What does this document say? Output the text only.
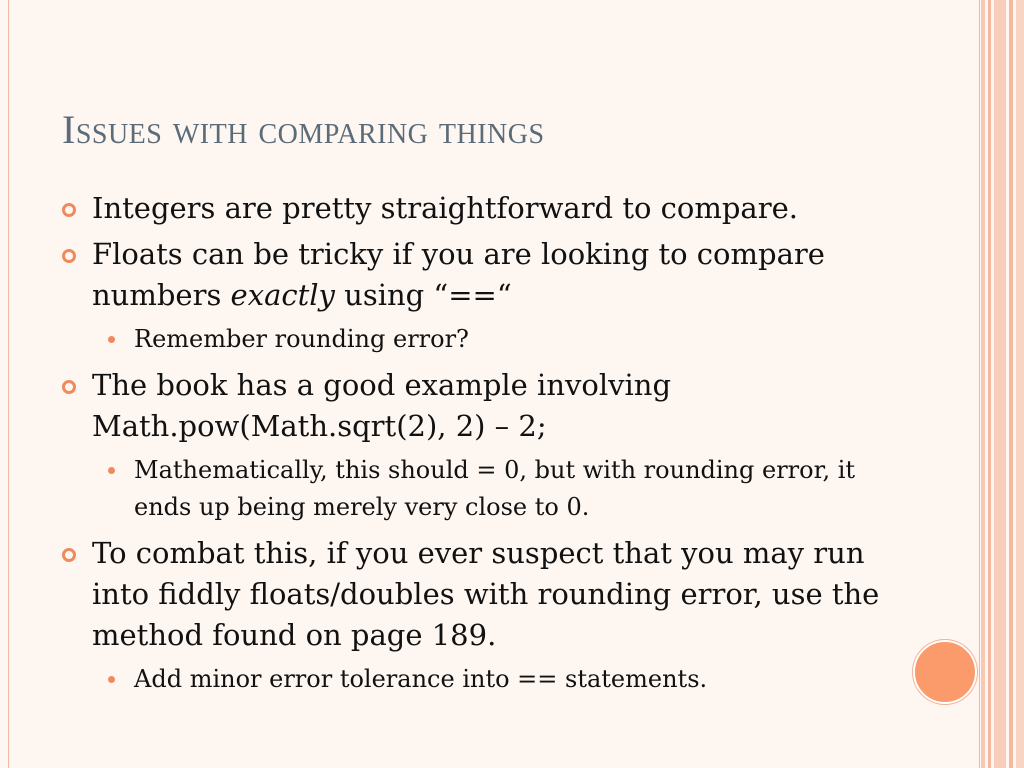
Issues with comparing things
Integers are pretty straightforward to compare.
Floats can be tricky if you are looking to compare numbers exactly using “==“
Remember rounding error?
The book has a good example involving Math.pow(Math.sqrt(2), 2) – 2;
Mathematically, this should = 0, but with rounding error, it ends up being merely very close to 0.
To combat this, if you ever suspect that you may run into fiddly floats/doubles with rounding error, use the method found on page 189.
Add minor error tolerance into == statements.
